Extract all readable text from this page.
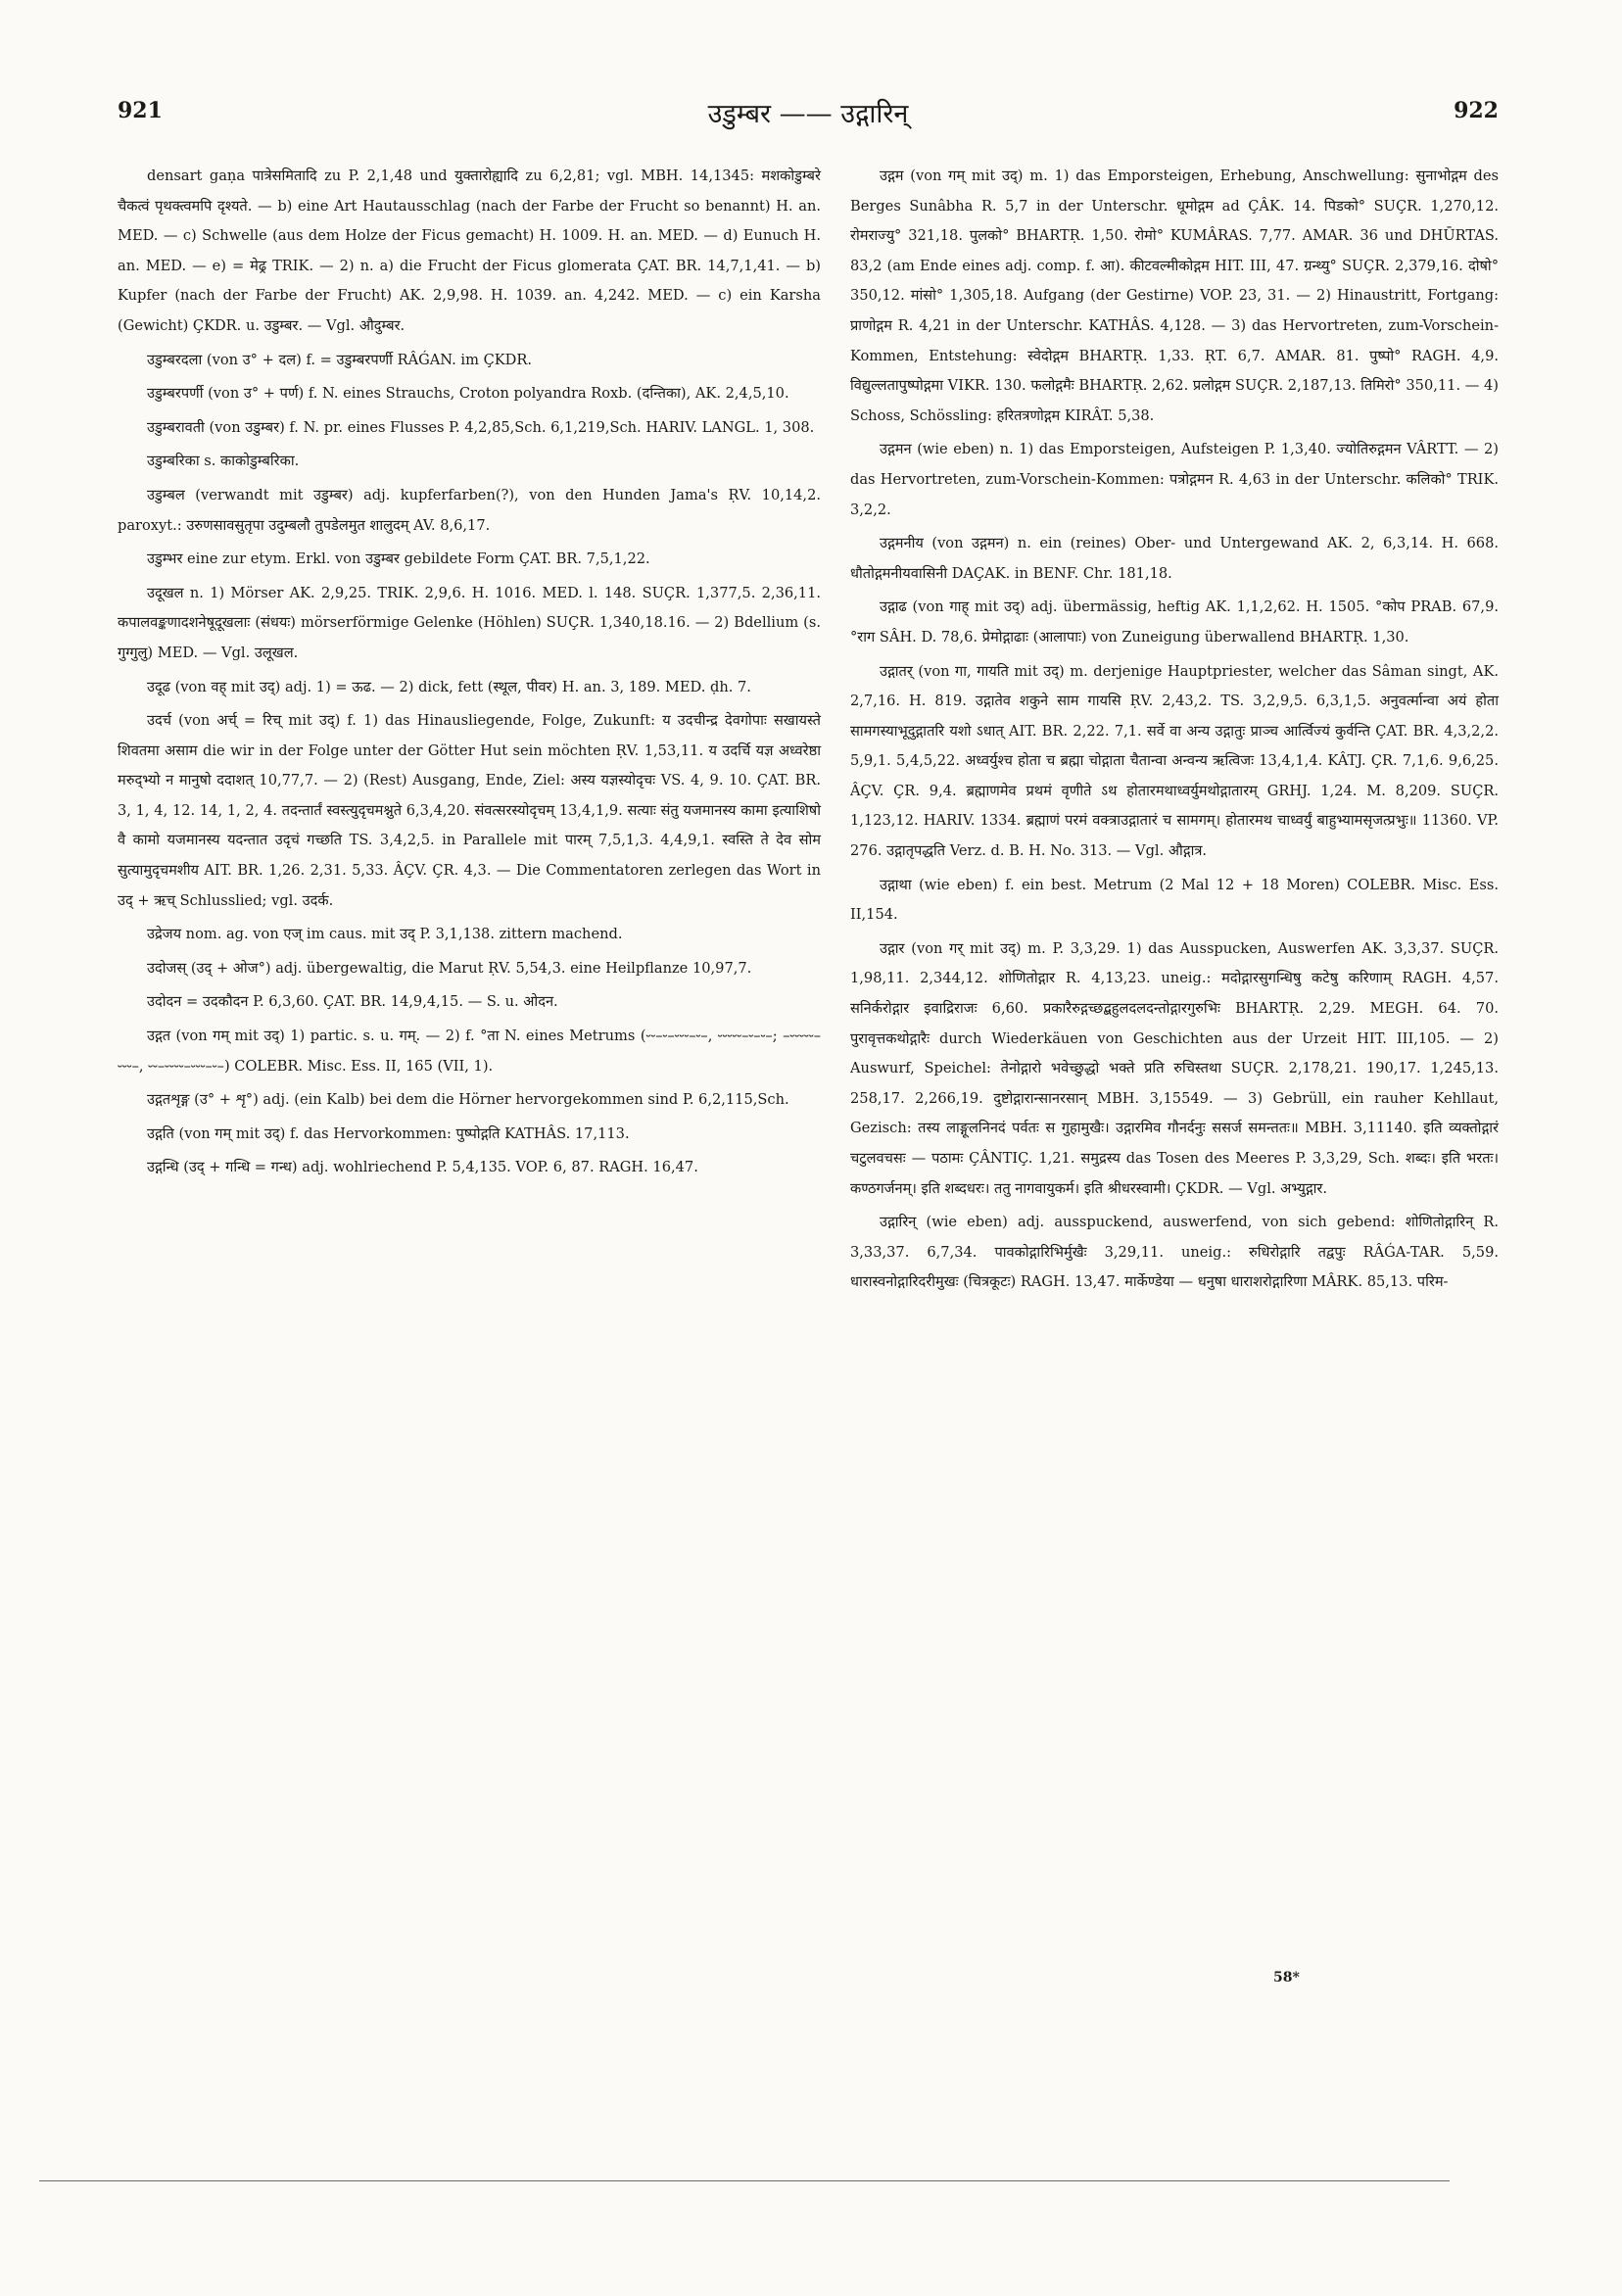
921	उडुम्बर —— उद्गारिन्	922

densart gaṇa पात्रेसमितादि zu P. 2,1,48 und युक्तारोह्यादि zu 6,2,81; vgl. MBH. 14,1345: मशकोडुम्बरे चैकत्वं पृथक्त्वमपि दृश्यते. — b) eine Art Hautausschlag (nach der Farbe der Frucht so benannt) H. an. MED. — c) Schwelle (aus dem Holze der Ficus gemacht) H. 1009. H. an. MED. — d) Eunuch H. an. MED. — e) = मेढ्र TRIK. — 2) n. a) die Frucht der Ficus glomerata ÇAT. BR. 14,7,1,41. — b) Kupfer (nach der Farbe der Frucht) AK. 2,9,98. H. 1039. an. 4,242. MED. — c) ein Karsha (Gewicht) ÇKDR. u. उडुम्बर. — Vgl. औदुम्बर.

उडुम्बरदला (von उ° + दल) f. = उडुम्बरपर्णी RÂǴAN. im ÇKDR.

उडुम्बरपर्णी (von उ° + पर्ण) f. N. eines Strauchs, Croton polyandra Roxb. (दन्तिका), AK. 2,4,5,10.

उडुम्बरावती (von उडुम्बर) f. N. pr. eines Flusses P. 4,2,85,Sch. 6,1,219,Sch. HARIV. LANGL. 1, 308.

उडुम्बरिका s. काकोडुम्बरिका.

उडुम्बल (verwandt mit उडुम्बर) adj. kupferfarben(?), von den Hunden Jama's ṚV. 10,14,2. paroxyt.: उरुणसावसुतृपा उदुम्बलौ तुपडेलमुत शालुदम् AV. 8,6,17.

उडुम्भर eine zur etym. Erkl. von उडुम्बर gebildete Form ÇAT. BR. 7,5,1,22.

उदूखल n. 1) Mörser AK. 2,9,25. TRIK. 2,9,6. H. 1016. MED. l. 148. SUÇR. 1,377,5. 2,36,11. कपालवङ्कणादशनेषूदूखलाः (संधयः) mörserförmige Gelenke (Höhlen) SUÇR. 1,340,18.16. — 2) Bdellium (s. गुग्गुलु) MED. — Vgl. उलूखल.

उदूढ (von वह् mit उद्) adj. 1) = ऊढ. — 2) dick, fett (स्थूल, पीवर) H. an. 3, 189. MED. ḍh. 7.

उदर्च (von अर्च् = रिच् mit उद्) f. 1) das Hinausliegende, Folge, Zukunft: य उदचीन्द्र देवगोपाः सखायस्ते शिवतमा असाम die wir in der Folge unter der Götter Hut sein möchten ṚV. 1,53,11. य उदर्चि यज्ञ अध्वरेष्ठा मरुद्भ्यो न मानुषो ददाशत् 10,77,7. — 2) (Rest) Ausgang, Ende, Ziel: अस्य यज्ञस्योदृचः VS. 4, 9. 10. ÇAT. BR. 3, 1, 4, 12. 14, 1, 2, 4. तदन्तार्तं स्वस्त्युदृचमश्नुते 6,3,4,20. संवत्सरस्योदृचम् 13,4,1,9. सत्याः संतु यजमानस्य कामा इत्याशिषो वै कामो यजमानस्य यदन्तात उदृचं गच्छति TS. 3,4,2,5. in Parallele mit पारम् 7,5,1,3. 4,4,9,1. स्वस्ति ते देव सोम सुत्यामुदृचमशीय AIT. BR. 1,26. 2,31. 5,33. ÂÇV. ÇR. 4,3. — Die Commentatoren zerlegen das Wort in उद् + ऋच् Schlusslied; vgl. उदर्क.

उद्रेजय nom. ag. von एज् im caus. mit उद् P. 3,1,138. zittern machend.

उदोजस् (उद् + ओज°) adj. übergewaltig, die Marut ṚV. 5,54,3. eine Heilpflanze 10,97,7.

उदोदन = उदकौदन P. 6,3,60. ÇAT. BR. 14,9,4,15. — S. u. ओदन.

उद्गत (von गम् mit उद्) 1) partic. s. u. गम्. — 2) f. °ता N. eines Metrums (⏑⏑–⏑–⏑⏑⏑–⏑–, ⏑⏑⏑⏑⏑–⏑–⏑–; –⏑⏑⏑⏑⏑–⏑⏑⏑–, ⏑⏑–⏑⏑⏑⏑–⏑⏑⏑–⏑–) COLEBR. Misc. Ess. II, 165 (VII, 1).

उद्गतशृङ्ग (उ° + शृ°) adj. (ein Kalb) bei dem die Hörner hervorgekommen sind P. 6,2,115,Sch.

उद्गति (von गम् mit उद्) f. das Hervorkommen: पुष्पोद्गति KATHÂS. 17,113.

उद्गन्धि (उद् + गन्धि = गन्ध) adj. wohlriechend P. 5,4,135. VOP. 6, 87. RAGH. 16,47.

उद्गम (von गम् mit उद्) m. 1) das Emporsteigen, Erhebung, Anschwellung: सुनाभोद्गम des Berges Sunâbha R. 5,7 in der Unterschr. धूमोद्गम ad ÇÂK. 14. पिडको° SUÇR. 1,270,12. रोमराज्यु° 321,18. पुलको° BHARTṚ. 1,50. रोमो° KUMÂRAS. 7,77. AMAR. 36 und DHŪRTAS. 83,2 (am Ende eines adj. comp. f. आ). कीटवल्मीकोद्गम HIT. III, 47. ग्रन्थ्यु° SUÇR. 2,379,16. दोषो° 350,12. मांसो° 1,305,18. Aufgang (der Gestirne) VOP. 23, 31. — 2) Hinaustritt, Fortgang: प्राणोद्गम R. 4,21 in der Unterschr. KATHÂS. 4,128. — 3) das Hervortreten, zum-Vorschein-Kommen, Entstehung: स्वेदोद्गम BHARTṚ. 1,33. ṚT. 6,7. AMAR. 81. पुष्पो° RAGH. 4,9. विद्युल्लतापुष्पोद्गमा VIKR. 130. फलोद्गमैः BHARTṚ. 2,62. प्रलोद्गम SUÇR. 2,187,13. तिमिरो° 350,11. — 4) Schoss, Schössling: हरितत्रणोद्गम KIRÂT. 5,38.

उद्गमन (wie eben) n. 1) das Emporsteigen, Aufsteigen P. 1,3,40. ज्योतिरुद्गमन VÂRTT. — 2) das Hervortreten, zum-Vorschein-Kommen: पत्रोद्गमन R. 4,63 in der Unterschr. कलिको° TRIK. 3,2,2.

उद्गमनीय (von उद्गमन) n. ein (reines) Ober- und Untergewand AK. 2, 6,3,14. H. 668. धौतोद्गमनीयवासिनी DAÇAK. in BENF. Chr. 181,18.

उद्गाढ (von गाह् mit उद्) adj. übermässig, heftig AK. 1,1,2,62. H. 1505. °कोप PRAB. 67,9. °राग SÂH. D. 78,6. प्रेमोद्गाढाः (आलापाः) von Zuneigung überwallend BHARTṚ. 1,30.

उद्गातर् (von गा, गायति mit उद्) m. derjenige Hauptpriester, welcher das Sâman singt, AK. 2,7,16. H. 819. उद्गातेव शकुने साम गायसि ṚV. 2,43,2. TS. 3,2,9,5. 6,3,1,5. अनुवर्त्मान्वा अयं होता सामगस्याभूदुद्गातरि यशो ऽधात् AIT. BR. 2,22. 7,1. सर्वे वा अन्य उद्गातुः प्राञ्च आर्त्विज्यं कुर्वन्ति ÇAT. BR. 4,3,2,2. 5,9,1. 5,4,5,22. अध्वर्युश्च होता च ब्रह्मा चोद्गाता चैतान्वा अन्वन्य ऋत्विजः 13,4,1,4. KÂTJ. ÇR. 7,1,6. 9,6,25. ÂÇV. ÇR. 9,4. ब्रह्माणमेव प्रथमं वृणीते ऽथ होतारमथाध्वर्युमथोद्गातारम् GRHJ. 1,24. M. 8,209. SUÇR. 1,123,12. HARIV. 1334. ब्रह्माणं परमं वक्त्राउद्गातारं च सामगम्। होतारमथ चाध्वर्युं बाहुभ्यामसृजत्प्रभुः॥ 11360. VP. 276. उद्गातृपद्धति Verz. d. B. H. No. 313. — Vgl. औद्गात्र.

उद्गाथा (wie eben) f. ein best. Metrum (2 Mal 12 + 18 Moren) COLEBR. Misc. Ess. II,154.

उद्गार (von गर् mit उद्) m. P. 3,3,29. 1) das Ausspucken, Auswerfen AK. 3,3,37. SUÇR. 1,98,11. 2,344,12. शोणितोद्गार R. 4,13,23. uneig.: मदोद्गारसुगन्धिषु कटेषु करिणाम् RAGH. 4,57. सनिर्करोद्गार इवाद्रिराजः 6,60. प्रकारैरुद्गच्छद्बहुलदलदन्तोद्गारगुरुभिः BHARTṚ. 2,29. MEGH. 64. 70. पुरावृत्तकथोद्गारैः durch Wiederkäuen von Geschichten aus der Urzeit HIT. III,105. — 2) Auswurf, Speichel: तेनोद्गारो भवेच्छुद्धो भक्ते प्रति रुचिस्तथा SUÇR. 2,178,21. 190,17. 1,245,13. 258,17. 2,266,19. दुष्टोद्गारान्सानरसान् MBH. 3,15549. — 3) Gebrüll, ein rauher Kehllaut, Gezisch: तस्य लाङ्गूलनिनदं पर्वतः स गुहामुखैः। उद्गारमिव गौनर्दनुः ससर्ज समन्ततः॥ MBH. 3,11140. इति व्यक्तोद्गारं चटुलवचसः — पठामः ÇÂNTIÇ. 1,21. समुद्रस्य das Tosen des Meeres P. 3,3,29, Sch. शब्दः। इति भरतः। कण्ठगर्जनम्। इति शब्दधरः। ततु नागवायुकर्म। इति श्रीधरस्वामी। ÇKDR. — Vgl. अभ्युद्गार.

उद्गारिन् (wie eben) adj. ausspuckend, auswerfend, von sich gebend: शोणितोद्गारिन् R. 3,33,37. 6,7,34. पावकोद्गारिभिर्मुखैः 3,29,11. uneig.: रुधिरोद्गारि तद्वपुः RÂǴA-TAR. 5,59. धारास्वनोद्गारिदरीमुखः (चित्रकूटः) RAGH. 13,47. मार्केण्डेया — धनुषा धाराशरोद्गारिणा MÂRK. 85,13. परिम-

58*
